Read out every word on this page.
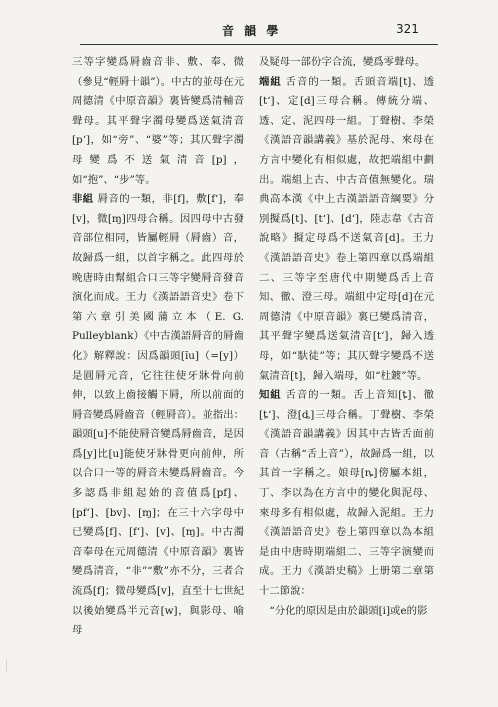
音 韻 學	321

三等字變爲脣齒音非、敷、奉、微（參見“輕脣十韻”）。中古的並母在元周德清《中原音韻》裏皆變爲清輔音聲母。其平聲字濁母變爲送氣清音[pʻ]，如“旁”、“婆”等；其仄聲字濁母變爲不送氣清音[p]，如“抱”、“步”等。

非組 脣音的一類，非[f]，敷[fʻ]，奉[v]，微[ɱ]四母合稱。因四母中古發音部位相同，皆屬輕脣（脣齒）音，故歸爲一組，以首字稱之。此四母於晚唐時由幫組合口三等字變脣音發音演化而成。王力《漢語語音史》卷下第六章引美國蒲立本（E. G. Pulleyblank）《中古漢語脣音的脣齒化》解釋說：因爲韻頭[ĭu]（=[y]）是圓脣元音，它往往使牙牀骨向前伸，以致上齒接觸下脣，所以前面的脣音變爲脣齒音（輕脣音）。並指出：韻頭[u]不能使脣音變爲脣齒音，是因爲[y]比[u]能使牙牀骨更向前伸，所以合口一等的脣音未變爲脣齒音。今多認爲非組起始的音值爲[pf]、[pfʻ]、[bv]、[ɱ]；在三十六字母中已變爲[f]、[fʻ]、[v]、[ɱ]。中古濁音奉母在元周德清《中原音韻》裏皆變爲清音，“非”“敷”亦不分，三者合流爲[f]；微母變爲[v]，直至十七世紀以後始變爲半元音[w]，與影母、喻母

及疑母一部份字合流，變爲零聲母。

端組 舌音的一類。舌頭音端[t]、透[tʻ]、定[d]三母合稱。傳統分端、透、定、泥四母一組。丁聲樹、李榮《漢語音韻講義》基於泥母、來母在方言中變化有相似處，故把端組中劃出。端組上古、中古音值無變化。瑞典高本漢《中上古漢語語音綱要》分別擬爲[t]、[tʻ]、[dʻ]，陸志韋《古音說略》擬定母爲不送氣音[d]。王力《漢語語音史》卷上第四章以爲端組二、三等字至唐代中期變爲舌上音知、徹、澄三母。端組中定母[d]在元周德清《中原音韻》裏已變爲清音，其平聲字變爲送氣清音[tʻ]，歸入透母，如“馱徒”等；其仄聲字變爲不送氣清音[t]，歸入端母，如“杜鍍”等。

知組 舌音的一類。舌上音知[ȶ]、徹[ȶʻ]、澄[ȡ]三母合稱。丁聲樹、李榮《漢語音韻講義》因其中古皆舌面前音（古稱“舌上音”），故歸爲一組，以其首一字稱之。娘母[ȵ]傍屬本組，丁、李以為在方言中的變化與泥母、來母多有相似處，故歸入泥組。王力《漢語語音史》卷上第四章以為本組是由中唐時期端組二、三等字演變而成。王力《漢語史稿》上册第二章第十二節說：

“分化的原因是由於韻頭[i]或e的影
